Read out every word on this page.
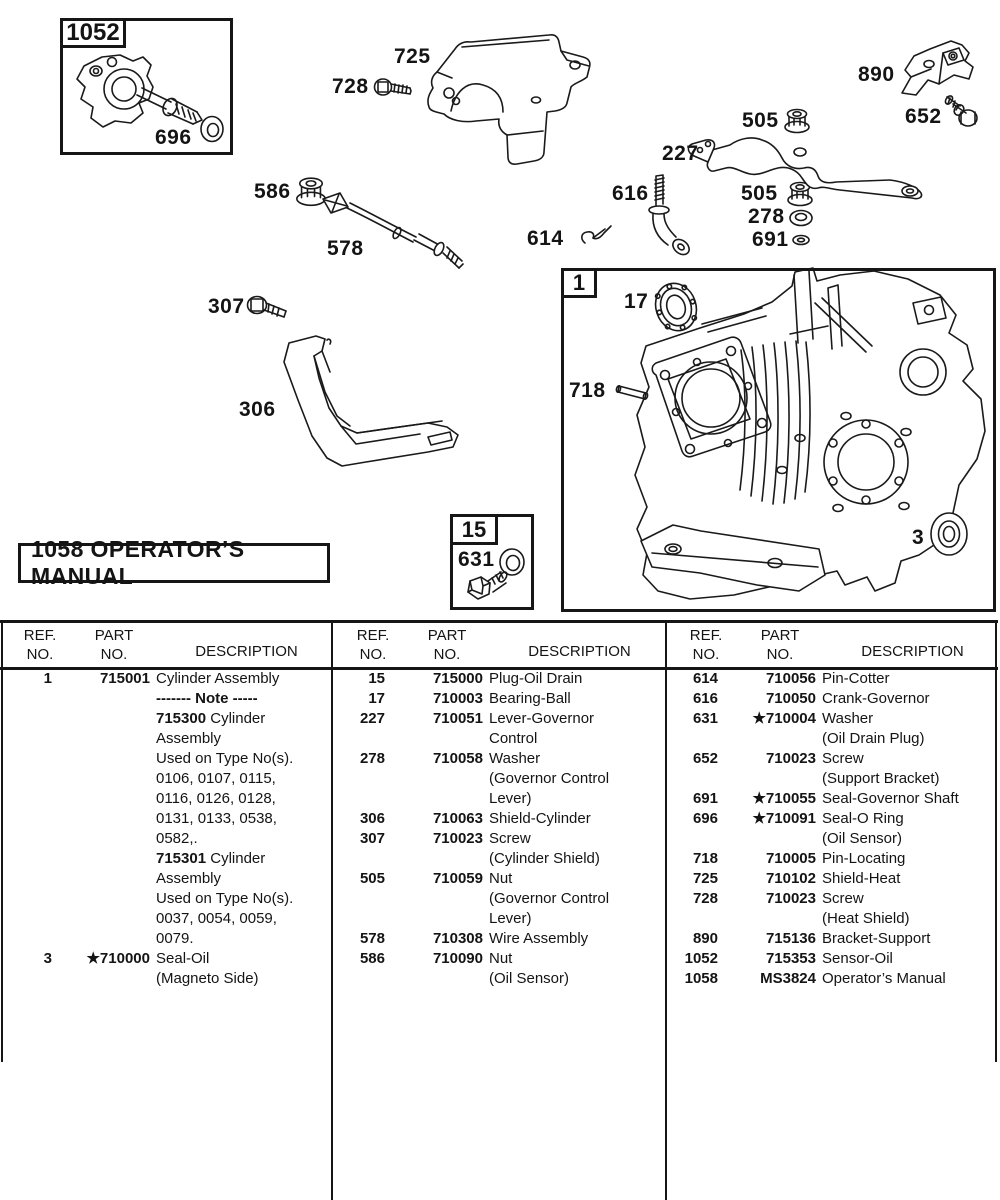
1052
1
15
1058 OPERATOR’S MANUAL
696
725
728
890
652
505
227
616	505
278
691
586
578	614
307
306
17
718
3
631
REF.
NO.
PART
NO.	DESCRIPTION
1	715001 Cylinder Assembly
------- Note -----
715300 Cylinder
Assembly
Used on Type No(s).
0106, 0107, 0115,
0116, 0126, 0128,
0131, 0133, 0538,
0582,.
715301 Cylinder
Assembly
Used on Type No(s).
0037, 0054, 0059,
0079.
3	★710000 Seal-Oil
(Magneto Side)
REF.
NO.
PART
NO.	DESCRIPTION
15	715000 Plug-Oil Drain
17	710003 Bearing-Ball
227	710051 Lever-Governor
Control
278	710058 Washer
(Governor Control
Lever)
306	710063 Shield-Cylinder
307	710023 Screw
(Cylinder Shield)
505	710059 Nut
(Governor Control
Lever)
578	710308 Wire Assembly
586	710090 Nut
(Oil Sensor)
REF.
NO.
PART
NO.	DESCRIPTION
614	710056 Pin-Cotter
616	710050 Crank-Governor
631	★710004 Washer
(Oil Drain Plug)
652	710023 Screw
(Support Bracket)
691	★710055 Seal-Governor Shaft
696	★710091 Seal-O Ring
(Oil Sensor)
718	710005 Pin-Locating
725	710102 Shield-Heat
728	710023 Screw
(Heat Shield)
890	715136 Bracket-Support
1052	715353 Sensor-Oil
1058	MS3824 Operator’s Manual
